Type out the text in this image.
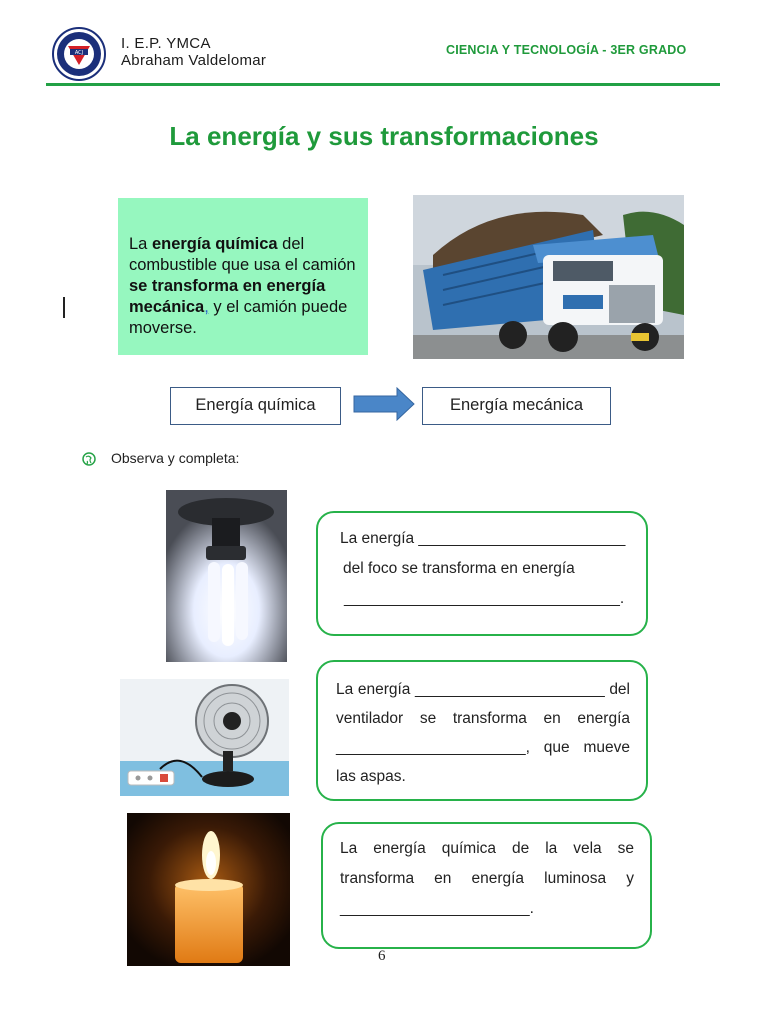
ACJ
I. E.P. YMCA
Abraham Valdelomar
CIENCIA Y TECNOLOGÍA - 3ER GRADO
La energía y sus transformaciones
La energía química del combustible que usa el camión se transforma en energía mecánica, y el camión puede moverse.
Energía química	Energía mecánica
Observa y completa:
La energía ________________________
del foco se transforma en energía
________________________________.
La energía ______________________ del ventilador se transforma en energía ______________________, que mueve las aspas.
La energía química de la vela se transforma en energía luminosa y ______________________.
6
